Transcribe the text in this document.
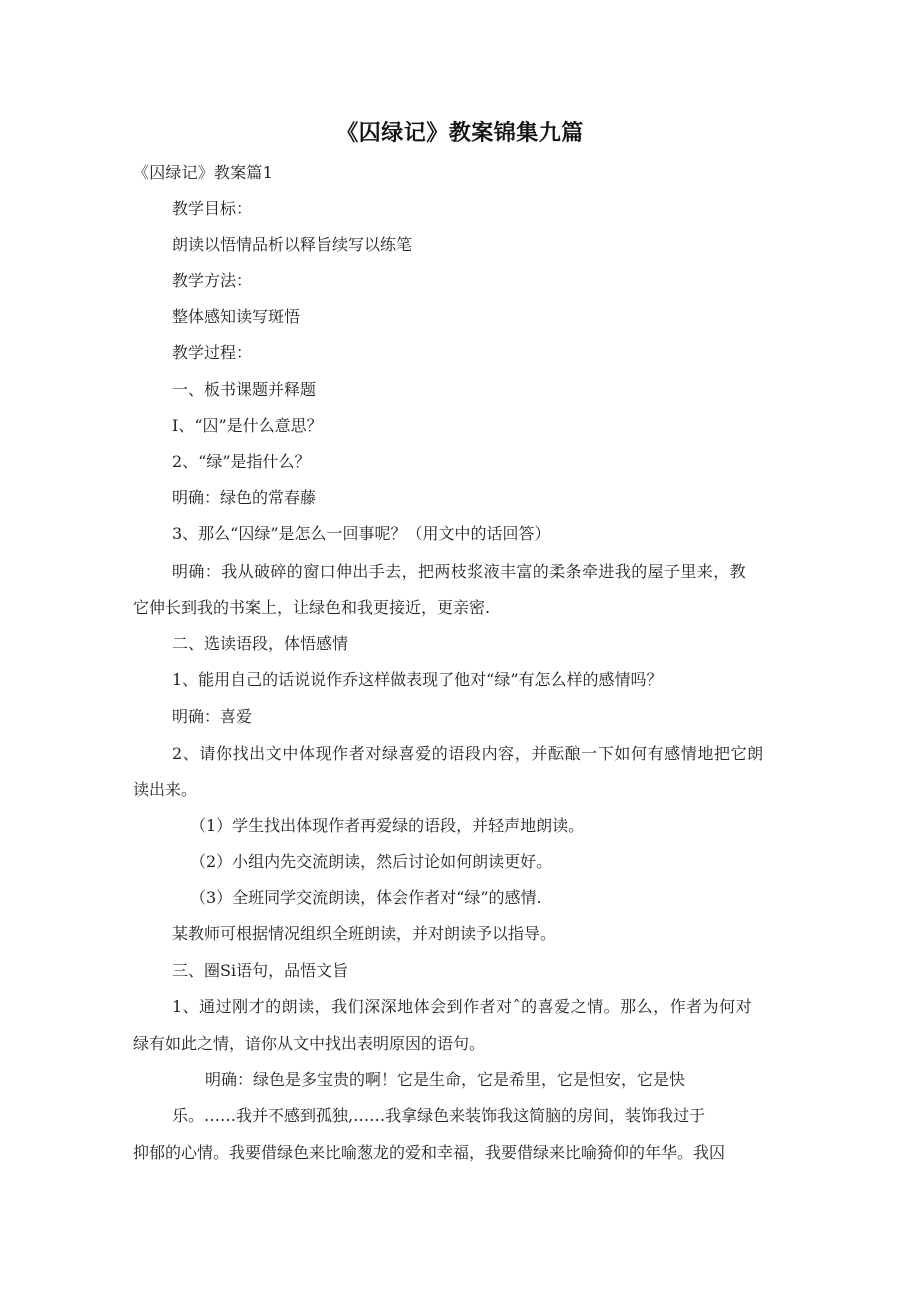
《囚绿记》教案锦集九篇
《囚绿记》教案篇1
教学目标：
朗读以悟情品析以释旨续写以练笔
教学方法：
整体感知读写斑悟
教学过程：
一、板书课题并释题
I、“囚”是什么意思？
2、“绿”是指什么？
明确：绿色的常春藤
3、那么“囚绿”是怎么一回事呢？（用文中的话回答）
明确：我从破碎的窗口伸出手去，把两枝浆液丰富的柔条牵进我的屋子里来，教
它伸长到我的书案上，让绿色和我更接近，更亲密.
二、选读语段，体悟感情
1、能用自己的话说说作乔这样做表现了他对“绿”有怎么样的感情吗？
明确：喜爱
2、请你找出文中体现作者对绿喜爱的语段内容，并酝酿一下如何有感情地把它朗
读出来。
（1）学生找出体现作者再爱绿的语段，并轻声地朗读。
（2）小组内先交流朗读，然后讨论如何朗读更好。
（3）全班同学交流朗读，体会作者对“绿”的感情.
某教师可根据情况组织全班朗读，并对朗读予以指导。
三、圈Si语句，品悟文旨
1、通过刚才的朗读，我们深深地体会到作者对ˆ的喜爱之情。那么，作者为何对
绿有如此之情，谙你从文中找出表明原因的语句。
明确：绿色是多宝贵的啊！它是生命，它是希里，它是怛安，它是快
乐。……我并不感到孤独,……我拿绿色来装饰我这简脑的房间，装饰我过于
抑郁的心情。我要借绿色来比喻葱龙的爱和幸福，我要借绿来比喻猗仰的年华。我囚
